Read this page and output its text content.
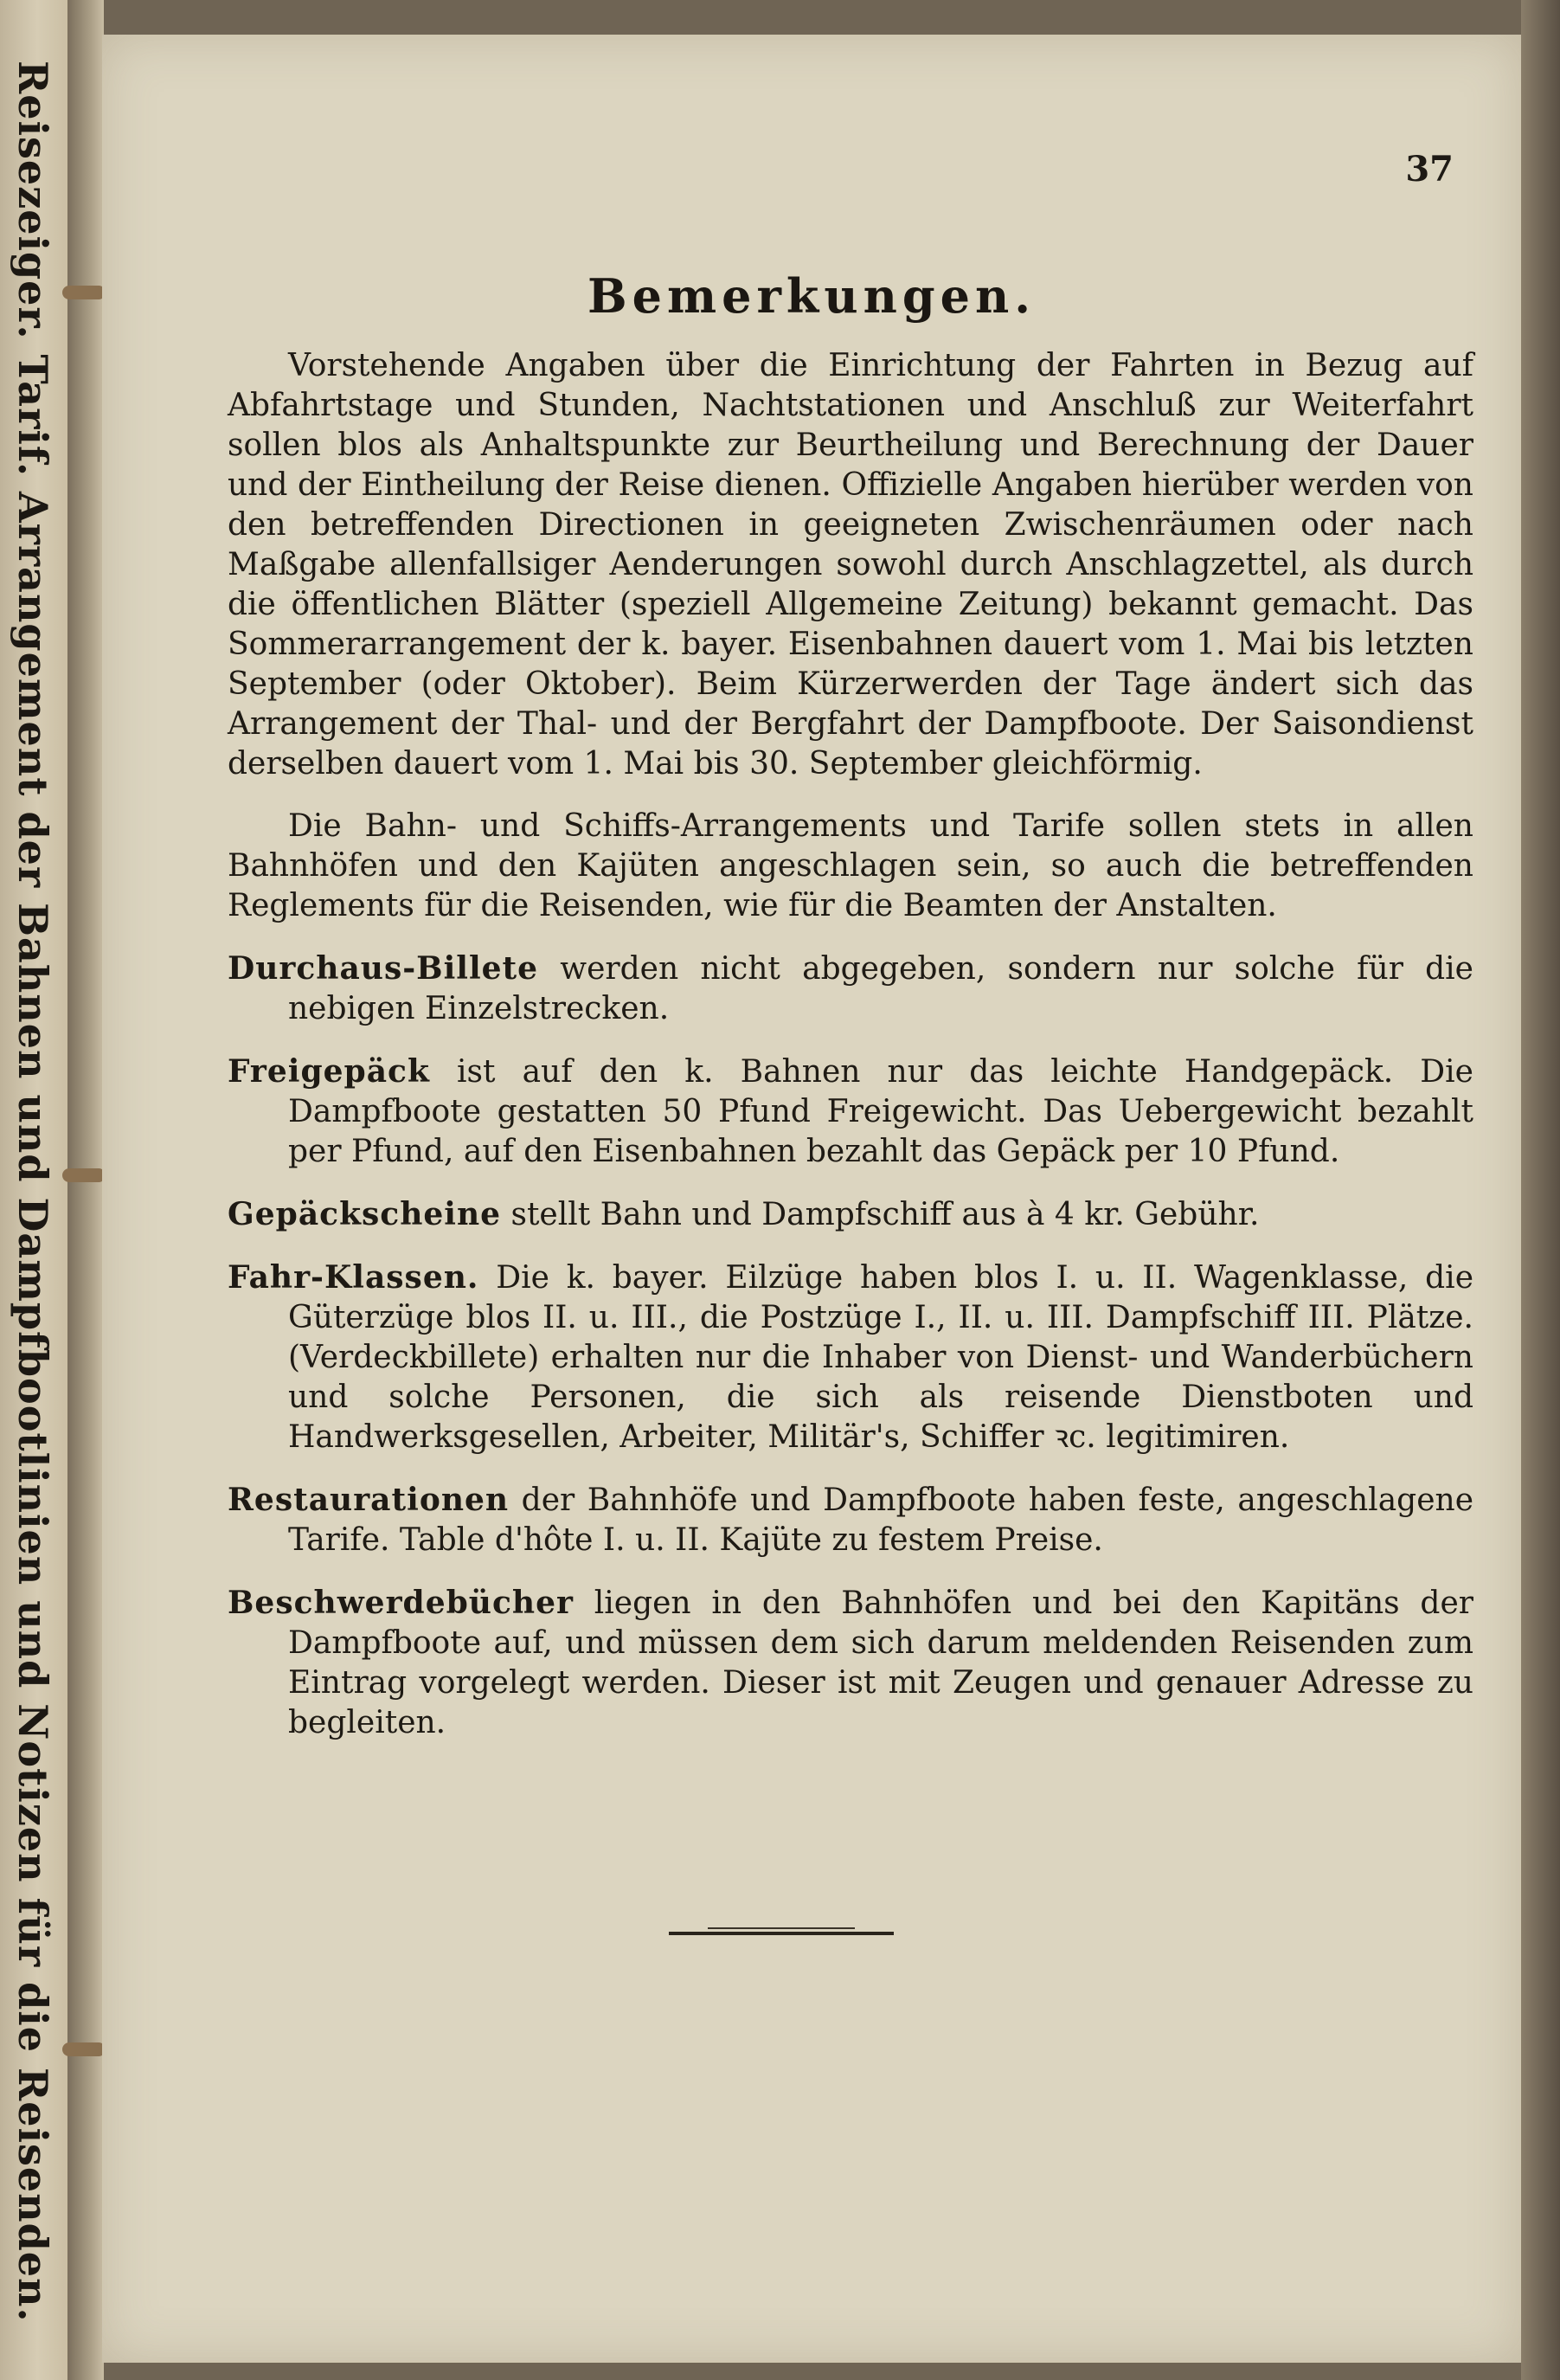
Reisezeiger. Tarif. Arrangement der Bahnen und Dampfbootlinien und Notizen für die Reisenden.	37
Bemerkungen.

Vorstehende Angaben über die Einrichtung der Fahrten in Bezug auf Abfahrtstage und Stunden, Nachtstationen und Anschluß zur Weiterfahrt sollen blos als Anhaltspunkte zur Beurtheilung und Berechnung der Dauer und der Eintheilung der Reise dienen. Offizielle Angaben hierüber werden von den betreffenden Directionen in geeigneten Zwischenräumen oder nach Maßgabe allenfallsiger Aenderungen sowohl durch Anschlagzettel, als durch die öffentlichen Blätter (speziell Allgemeine Zeitung) bekannt gemacht. Das Sommerarrangement der k. bayer. Eisenbahnen dauert vom 1. Mai bis letzten September (oder Oktober). Beim Kürzerwerden der Tage ändert sich das Arrangement der Thal- und der Bergfahrt der Dampfboote. Der Saisondienst derselben dauert vom 1. Mai bis 30. September gleichförmig.

Die Bahn- und Schiffs-Arrangements und Tarife sollen stets in allen Bahnhöfen und den Kajüten angeschlagen sein, so auch die betreffenden Reglements für die Reisenden, wie für die Beamten der Anstalten.

Durchaus-Billete werden nicht abgegeben, sondern nur solche für die nebigen Einzelstrecken.

Freigepäck ist auf den k. Bahnen nur das leichte Handgepäck. Die Dampfboote gestatten 50 Pfund Freigewicht. Das Uebergewicht bezahlt per Pfund, auf den Eisenbahnen bezahlt das Gepäck per 10 Pfund.

Gepäckscheine stellt Bahn und Dampfschiff aus à 4 kr. Gebühr.

Fahr-Klassen. Die k. bayer. Eilzüge haben blos I. u. II. Wagenklasse, die Güterzüge blos II. u. III., die Postzüge I., II. u. III. Dampfschiff III. Plätze. (Verdeckbillete) erhalten nur die Inhaber von Dienst- und Wanderbüchern und solche Personen, die sich als reisende Dienstboten und Handwerksgesellen, Arbeiter, Militär's, Schiffer ꝛc. legitimiren.

Restaurationen der Bahnhöfe und Dampfboote haben feste, angeschlagene Tarife. Table d'hôte I. u. II. Kajüte zu festem Preise.

Beschwerdebücher liegen in den Bahnhöfen und bei den Kapitäns der Dampfboote auf, und müssen dem sich darum meldenden Reisenden zum Eintrag vorgelegt werden. Dieser ist mit Zeugen und genauer Adresse zu begleiten.
